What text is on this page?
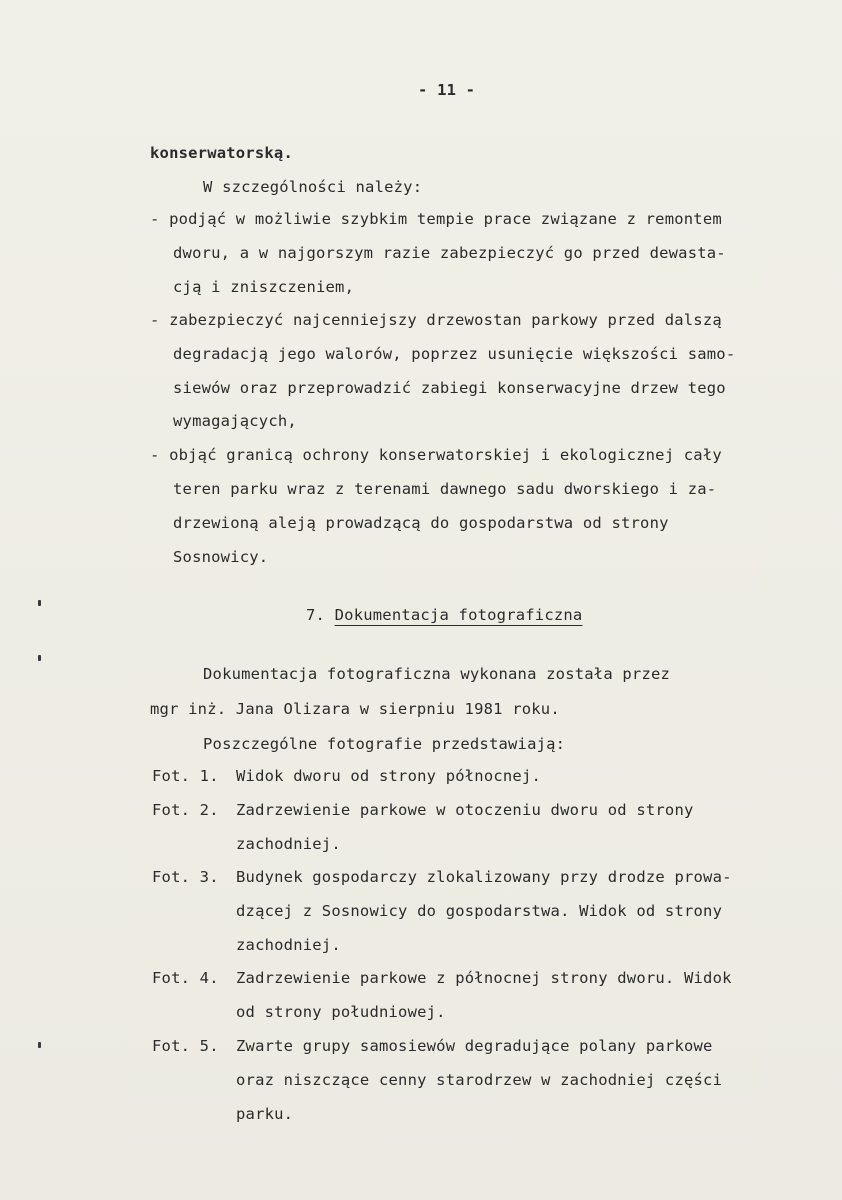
- 11 -
konserwatorską.
W szczególności należy:
- podjąć w możliwie szybkim tempie prace związane z remontem
dworu, a w najgorszym razie zabezpieczyć go przed dewasta-
cją i zniszczeniem,
- zabezpieczyć najcenniejszy drzewostan parkowy przed dalszą
degradacją jego walorów, poprzez usunięcie większości samo-
siewów oraz przeprowadzić zabiegi konserwacyjne drzew tego
wymagających,
- objąć granicą ochrony konserwatorskiej i ekologicznej cały
teren parku wraz z terenami dawnego sadu dworskiego i za-
drzewioną aleją prowadzącą do gospodarstwa od strony
Sosnowicy.
7. Dokumentacja fotograficzna
Dokumentacja fotograficzna wykonana została przez
mgr inż. Jana Olizara w sierpniu 1981 roku.
Poszczególne fotografie przedstawiają:
Fot. 1. Widok dworu od strony północnej.
Fot. 2. Zadrzewienie parkowe w otoczeniu dworu od strony
zachodniej.
Fot. 3. Budynek gospodarczy zlokalizowany przy drodze prowa-
dzącej z Sosnowicy do gospodarstwa. Widok od strony
zachodniej.
Fot. 4. Zadrzewienie parkowe z północnej strony dworu. Widok
od strony południowej.
Fot. 5. Zwarte grupy samosiewów degradujące polany parkowe
oraz niszczące cenny starodrzew w zachodniej części
parku.
